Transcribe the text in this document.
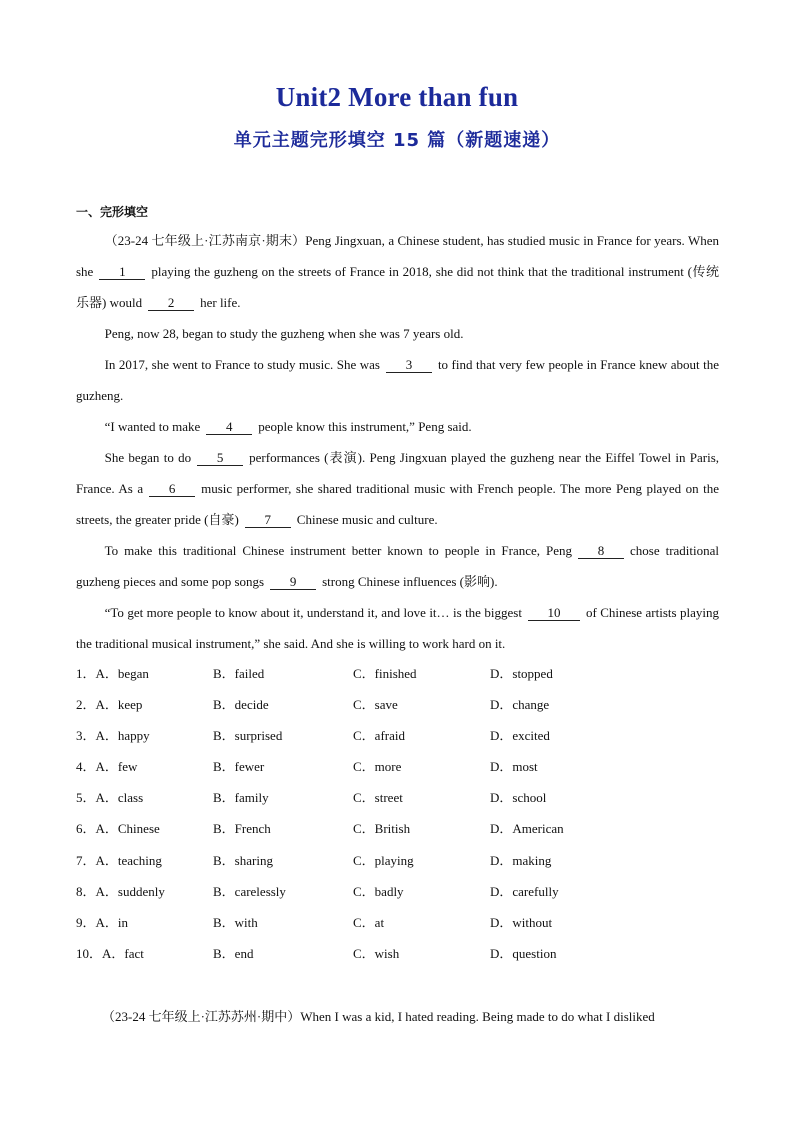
Unit2 More than fun
单元主题完形填空 15 篇（新题速递）
一、完形填空

（23-24 七年级上·江苏南京·期末）Peng Jingxuan, a Chinese student, has studied music in France for years. When she 1 playing the guzheng on the streets of France in 2018, she did not think that the traditional instrument (传统乐器) would 2 her life.

Peng, now 28, began to study the guzheng when she was 7 years old.

In 2017, she went to France to study music. She was 3 to find that very few people in France knew about the guzheng.

“I wanted to make 4 people know this instrument,” Peng said.

She began to do 5 performances (表演). Peng Jingxuan played the guzheng near the Eiffel Towel in Paris, France. As a 6 music performer, she shared traditional music with French people. The more Peng played on the streets, the greater pride (自豪) 7 Chinese music and culture.

To make this traditional Chinese instrument better known to people in France, Peng 8 chose traditional guzheng pieces and some pop songs 9 strong Chinese influences (影响).

“To get more people to know about it, understand it, and love it… is the biggest 10 of Chinese artists playing the traditional musical instrument,” she said. And she is willing to work hard on it.

1．A．began	B．failed	C．finished	D．stopped
2．A．keep	B．decide	C．save	D．change
3．A．happy	B．surprised	C．afraid	D．excited
4．A．few	B．fewer	C．more	D．most
5．A．class	B．family	C．street	D．school
6．A．Chinese	B．French	C．British	D．American
7．A．teaching	B．sharing	C．playing	D．making
8．A．suddenly	B．carelessly	C．badly	D．carefully
9．A．in	B．with	C．at	D．without
10．A．fact	B．end	C．wish	D．question
（23-24 七年级上·江苏苏州·期中）When I was a kid, I hated reading. Being made to do what I disliked
